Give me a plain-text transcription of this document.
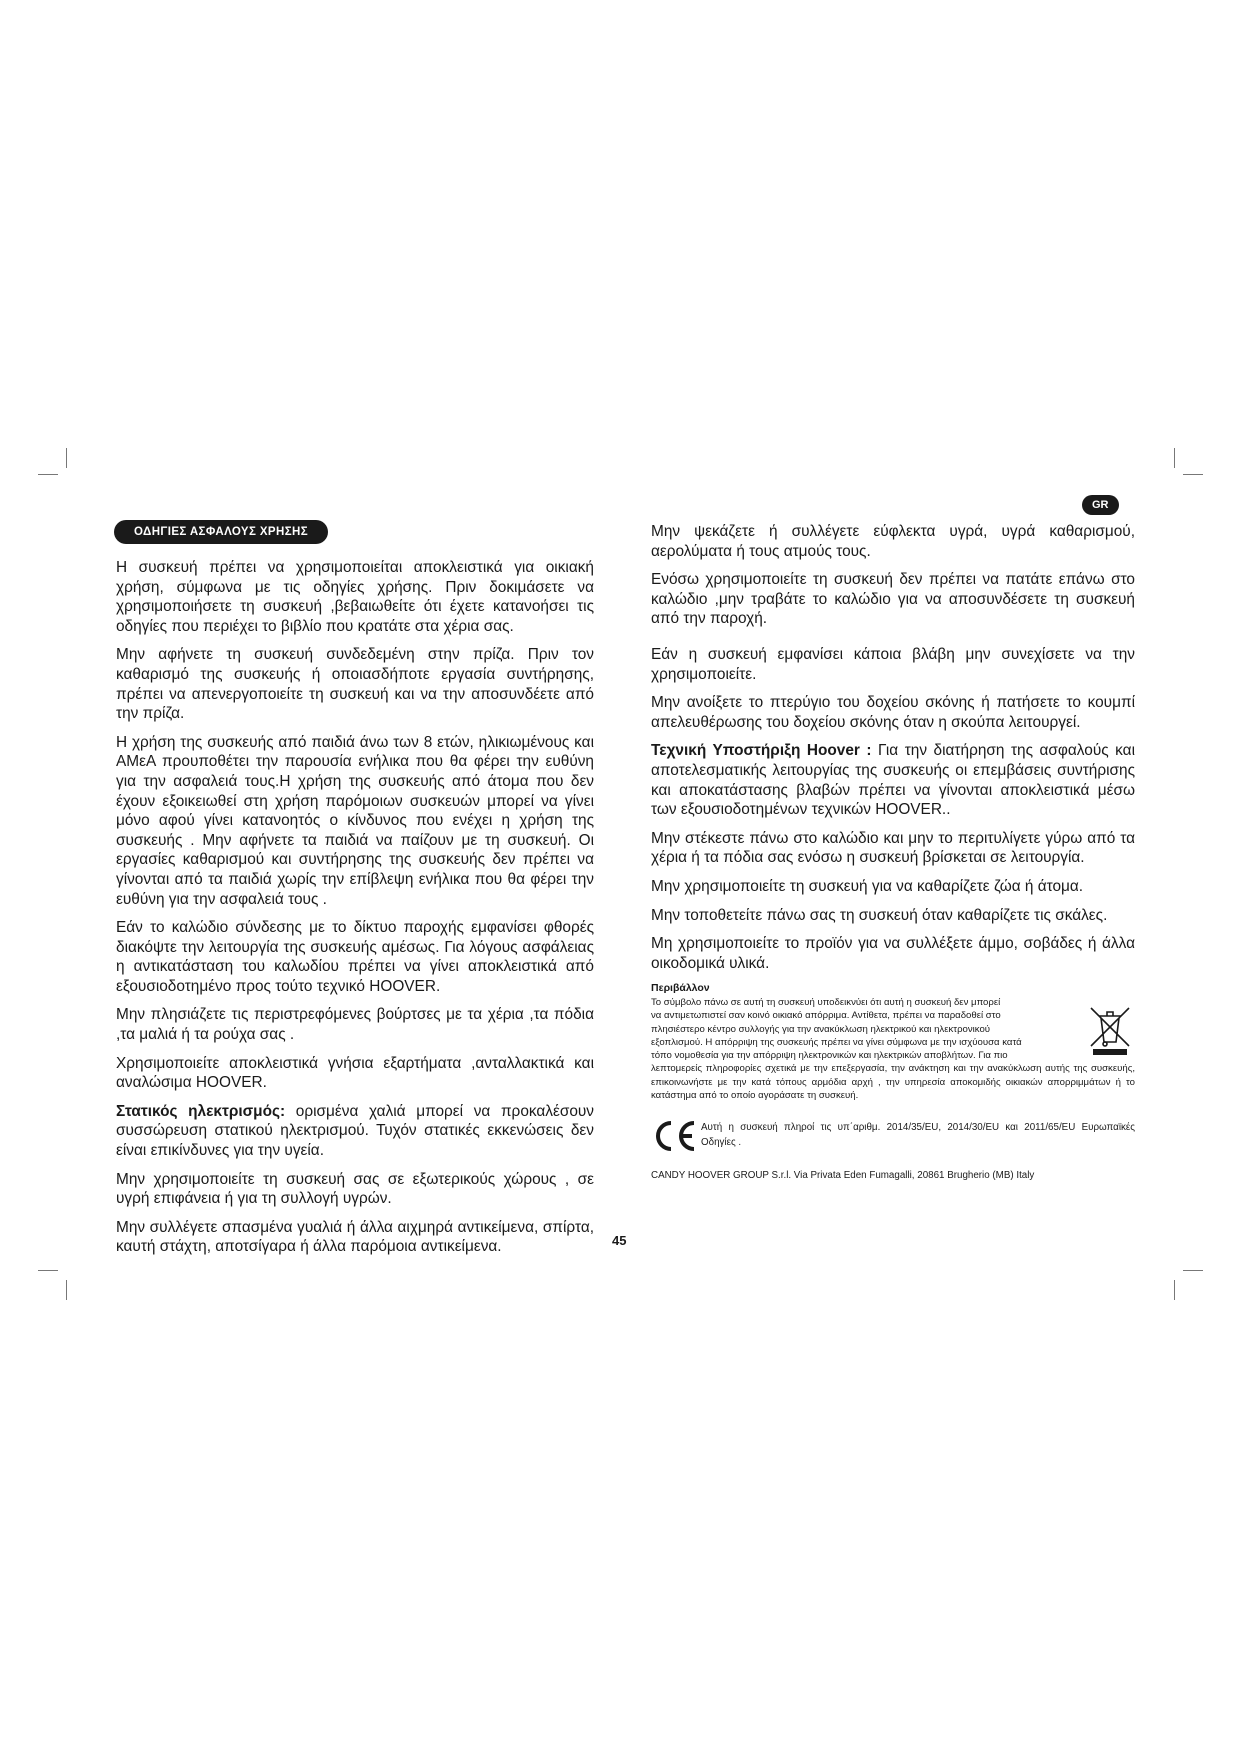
GR
ΟΔΗΓΙΕΣ ΑΣΦΑΛΟΥΣ ΧΡΗΣΗΣ

Η συσκευή πρέπει να χρησιμοποιείται αποκλειστικά για οικιακή χρήση, σύμφωνα με τις οδηγίες χρήσης. Πριν δοκιμάσετε να χρησιμοποιήσετε τη συσκευή ,βεβαιωθείτε ότι έχετε κατανοήσει τις οδηγίες που περιέχει το βιβλίο που κρατάτε στα χέρια σας.

Μην αφήνετε τη συσκευή συνδεδεμένη στην πρίζα. Πριν τον καθαρισμό της συσκευής ή οποιασδήποτε εργασία συντήρησης, πρέπει να απενεργοποιείτε τη συσκευή και να την αποσυνδέετε από την πρίζα.

Η χρήση της συσκευής από παιδιά άνω των 8 ετών, ηλικιωμένους και ΑΜεΑ προυποθέτει την παρουσία ενήλικα που θα φέρει την ευθύνη για την ασφαλειά τους.Η χρήση της συσκευής από άτομα που δεν έχουν εξοικειωθεί στη χρήση παρόμοιων συσκευών μπορεί να γίνει μόνο αφού γίνει κατανοητός ο κίνδυνος που ενέχει η χρήση της συσκευής . Μην αφήνετε τα παιδιά να παίζουν με τη συσκευή. Οι εργασίες καθαρισμού και συντήρησης της συσκευής δεν πρέπει να γίνονται από τα παιδιά χωρίς την επίβλεψη ενήλικα που θα φέρει την ευθύνη για την ασφαλειά τους .

Εάν το καλώδιο σύνδεσης με το δίκτυο παροχής εμφανίσει φθορές διακόψτε την λειτουργία της συσκευής αμέσως. Για λόγους ασφάλειας η αντικατάσταση του καλωδίου πρέπει να γίνει αποκλειστικά από εξουσιοδοτημένο προς τούτο τεχνικό HOOVER.

Μην πλησιάζετε τις περιστρεφόμενες βούρτσες με τα χέρια ,τα πόδια ,τα μαλιά ή τα ρούχα σας .

Χρησιμοποιείτε αποκλειστικά γνήσια εξαρτήματα ,ανταλλακτικά και αναλώσιμα HOOVER.

Στατικός ηλεκτρισμός: ορισμένα χαλιά μπορεί να προκαλέσουν συσσώρευση στατικού ηλεκτρισμού. Τυχόν στατικές εκκενώσεις δεν είναι επικίνδυνες για την υγεία.

Μην χρησιμοποιείτε τη συσκευή σας σε εξωτερικούς χώρους , σε υγρή επιφάνεια ή για τη συλλογή υγρών.

Μην συλλέγετε σπασμένα γυαλιά ή άλλα αιχμηρά αντικείμενα, σπίρτα, καυτή στάχτη, αποτσίγαρα ή άλλα παρόμοια αντικείμενα.	45

Μην ψεκάζετε ή συλλέγετε εύφλεκτα υγρά, υγρά καθαρισμού, αερολύματα ή τους ατμούς τους.

Ενόσω χρησιμοποιείτε τη συσκευή δεν πρέπει να πατάτε επάνω στο καλώδιο ,μην τραβάτε το καλώδιο για να αποσυνδέσετε τη συσκευή από την παροχή.

Εάν η συσκευή εμφανίσει κάποια βλάβη μην συνεχίσετε να την χρησιμοποιείτε.

Μην ανοίξετε το πτερύγιο του δοχείου σκόνης ή πατήσετε το κουμπί απελευθέρωσης του δοχείου σκόνης όταν η σκούπα λειτουργεί.

Τεχνική Υποστήριξη Hoover : Για την διατήρηση της ασφαλούς και αποτελεσματικής λειτουργίας της συσκευής οι επεμβάσεις συντήρισης και αποκατάστασης βλαβών πρέπει να γίνονται αποκλειστικά μέσω των εξουσιοδοτημένων τεχνικών HOOVER..

Μην στέκεστε πάνω στο καλώδιο και μην το περιτυλίγετε γύρω από τα χέρια ή τα πόδια σας ενόσω η συσκευή βρίσκεται σε λειτουργία.

Μην χρησιμοποιείτε τη συσκευή για να καθαρίζετε ζώα ή άτομα.

Μην τοποθετείτε πάνω σας τη συσκευή όταν καθαρίζετε τις σκάλες.

Μη χρησιμοποιείτε το προϊόν για να συλλέξετε άμμο, σοβάδες ή άλλα οικοδομικά υλικά.

Περιβάλλον

Το σύμβολο πάνω σε αυτή τη συσκευή υποδεικνύει ότι αυτή η συσκευή δεν μπορεί
να αντιμετωπιστεί σαν κοινό οικιακό απόρριμα. Αντίθετα, πρέπει να παραδοθεί στο
πλησιέστερο κέντρο συλλογής για την ανακύκλωση ηλεκτρικού και ηλεκτρονικού
εξοπλισμού. Η απόρριψη της συσκευής πρέπει να γίνει σύμφωνα με την ισχύουσα κατά
τόπο νομοθεσία για την απόρριψη ηλεκτρονικών και ηλεκτρικών αποβλήτων. Για πιο
λεπτομερείς πληροφορίες σχετικά με την επεξεργασία, την ανάκτηση και την ανακύκλωση αυτής της συσκευής, επικοινωνήστε με την κατά τόπους αρμόδια αρχή , την υπηρεσία αποκομιδής οικιακών απορριμμάτων ή το κατάστημα από το οποίο αγοράσατε τη συσκευή.

Αυτή η συσκευή πληροί τις υπ΄αριθμ. 2014/35/EU, 2014/30/EU και 2011/65/EU Ευρωπαϊκές Οδηγίες .
CANDY HOOVER GROUP S.r.l. Via Privata Eden Fumagalli, 20861 Brugherio (MB) Italy
